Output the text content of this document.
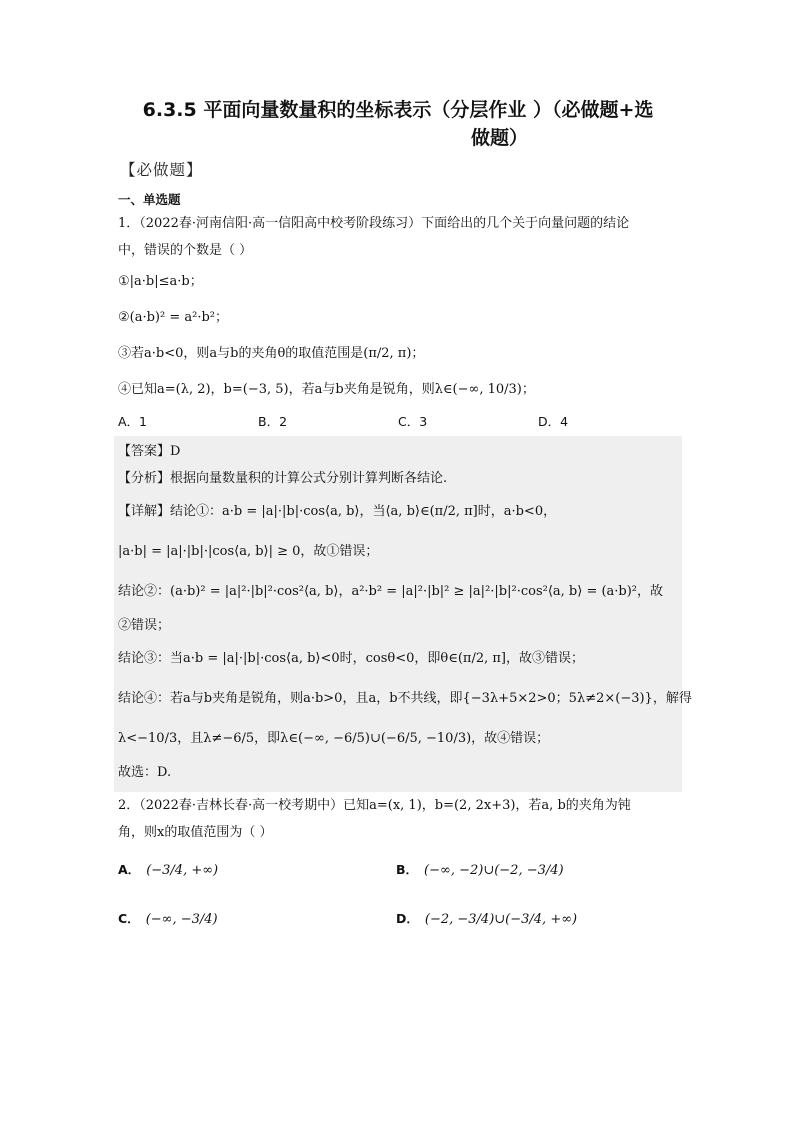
6.3.5 平面向量数量积的坐标表示（分层作业 ）（必做题+选
做题）
【必做题】
一、单选题

1．（2022春·河南信阳·高一信阳高中校考阶段练习）下面给出的几个关于向量问题的结论

中，错误的个数是（ ）

①|a·b|≤a·b；

②(a·b)² = a²·b²；

③若a·b<0，则a与b的夹角θ的取值范围是(π/2, π)；

④已知a=(λ, 2)，b=(−3, 5)，若a与b夹角是锐角，则λ∈(−∞, 10/3)；

A．1	B．2	C．3	D．4

【答案】D

【分析】根据向量数量积的计算公式分别计算判断各结论.

【详解】结论①：a·b = |a|·|b|·cos⟨a, b⟩，当⟨a, b⟩∈(π/2, π]时，a·b<0，

|a·b| = |a|·|b|·|cos⟨a, b⟩| ≥ 0，故①错误；

结论②：(a·b)² = |a|²·|b|²·cos²⟨a, b⟩，a²·b² = |a|²·|b|² ≥ |a|²·|b|²·cos²⟨a, b⟩ = (a·b)²，故

②错误；

结论③：当a·b = |a|·|b|·cos⟨a, b⟩<0时，cosθ<0，即θ∈(π/2, π]，故③错误；

结论④：若a与b夹角是锐角，则a·b>0，且a，b不共线，即{−3λ+5×2>0；5λ≠2×(−3)}，解得

λ<−10/3，且λ≠−6/5，即λ∈(−∞, −6/5)∪(−6/5, −10/3)，故④错误；

故选：D.

2．（2022春·吉林长春·高一校考期中）已知a=(x, 1)，b=(2, 2x+3)，若a, b的夹角为钝

角，则x的取值范围为（ ）

A． (−3/4, +∞)	B． (−∞, −2)∪(−2, −3/4)
C． (−∞, −3/4)	D． (−2, −3/4)∪(−3/4, +∞)
